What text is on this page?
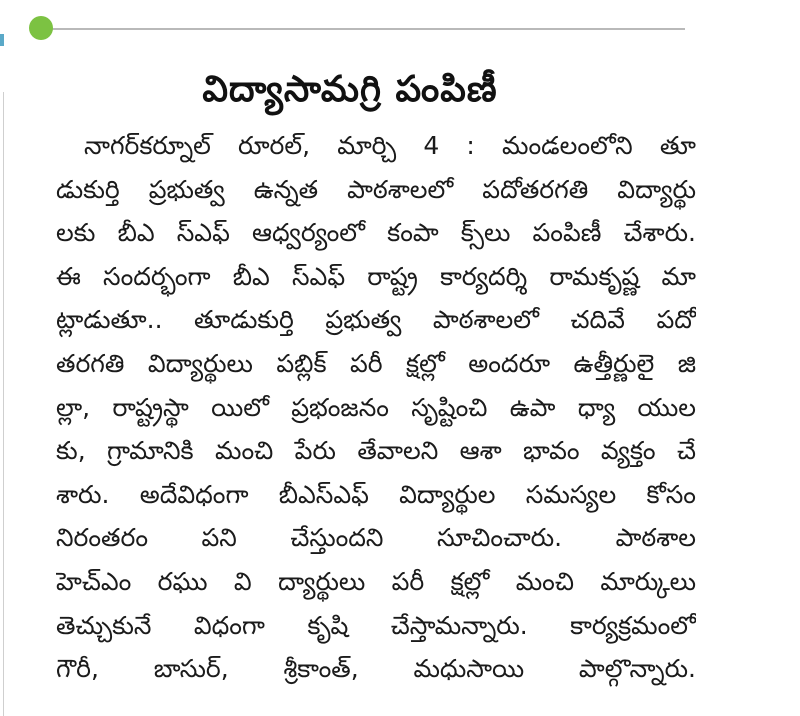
విద్యాసామగ్రి పంపిణీ
నాగర్‌కర్నూల్ రూరల్, మార్చి 4 : మండలంలోని తూ
డుకుర్తి ప్రభుత్వ ఉన్నత పాఠశాలలో పదోతరగతి విద్యార్థు
లకు బీఎ స్‌ఎఫ్ ఆధ్వర్యంలో కంపా క్స్‌లు పంపిణీ చేశారు.
ఈ సందర్భంగా బీఎ స్‌ఎఫ్ రాష్ట్ర కార్యదర్శి రామకృష్ణ మా
ట్లాడుతూ.. తూడుకుర్తి ప్రభుత్వ పాఠశాలలో చదివే పదో
తరగతి విద్యార్థులు పబ్లిక్ పరీ క్షల్లో అందరూ ఉత్తీర్ణులై జి
ల్లా, రాష్ట్రస్థా యిలో ప్రభంజనం సృష్టించి ఉపా ధ్యా యుల
కు, గ్రామానికి మంచి పేరు తేవాలని ఆశా భావం వ్యక్తం చే
శారు. అదేవిధంగా బీఎస్‌ఎఫ్ విద్యార్థుల సమస్యల కోసం
నిరంతరం పని చేస్తుందని సూచించారు. పాఠశాల
హెచ్‌ఎం రఘు వి ద్యార్థులు పరీ క్షల్లో మంచి మార్కులు
తెచ్చుకునే విధంగా కృషి చేస్తామన్నారు. కార్యక్రమంలో
గౌరీ, బాసుర్, శ్రీకాంత్, మధుసాయి పాల్గొన్నారు.
